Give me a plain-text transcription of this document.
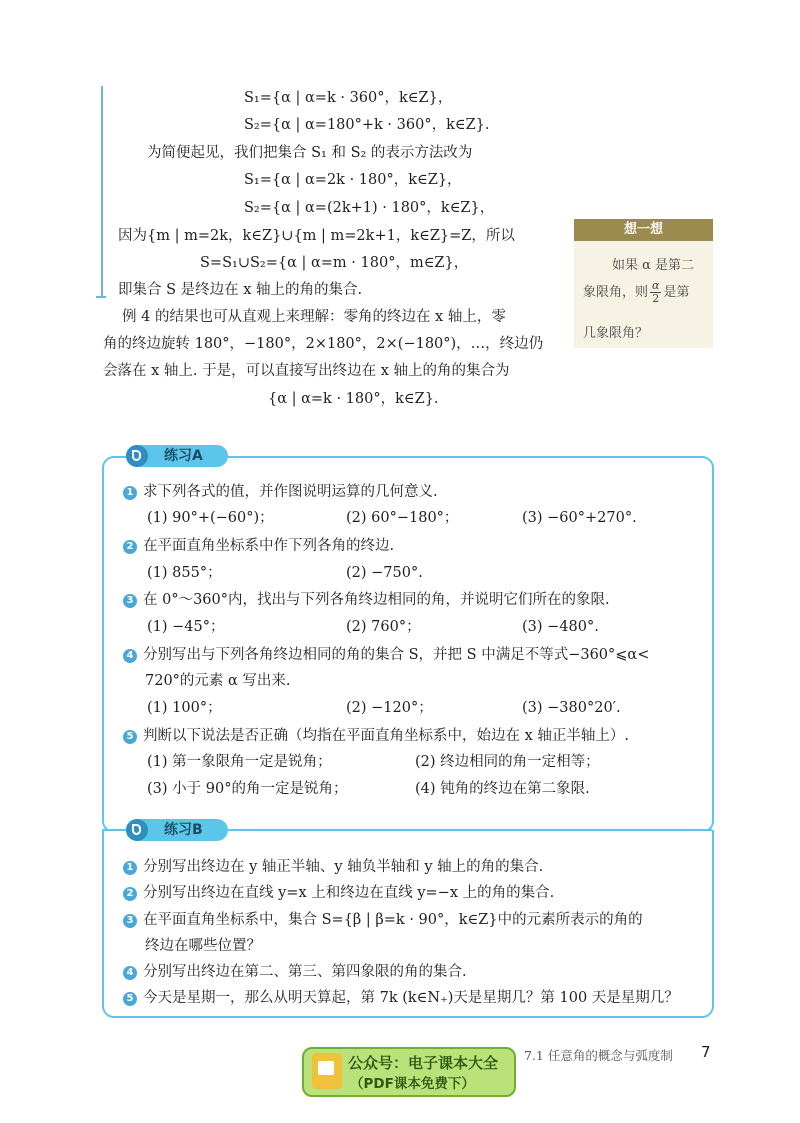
S₁={α | α=k · 360°，k∈Z}，
S₂={α | α=180°+k · 360°，k∈Z}.
为简便起见，我们把集合 S₁ 和 S₂ 的表示方法改为
S₁={α | α=2k · 180°，k∈Z}，
S₂={α | α=(2k+1) · 180°，k∈Z}，
因为{m | m=2k，k∈Z}∪{m | m=2k+1，k∈Z}=Z，所以
S=S₁∪S₂={α | α=m · 180°，m∈Z}，
即集合 S 是终边在 x 轴上的角的集合.
例 4 的结果也可从直观上来理解：零角的终边在 x 轴上，零
角的终边旋转 180°，−180°，2×180°，2×(−180°)，…，终边仍
会落在 x 轴上. 于是，可以直接写出终边在 x 轴上的角的集合为
{α | α=k · 180°，k∈Z}.
想一想
如果 α 是第二
象限角，则 $\frac{\alpha}{2}$ 是第
几象限角？
练习A
1 求下列各式的值，并作图说明运算的几何意义.
(1) 90°+(−60°)；	(2) 60°−180°；	(3) −60°+270°.
2 在平面直角坐标系中作下列各角的终边.
(1) 855°；	(2) −750°.
3 在 0°～360°内，找出与下列各角终边相同的角，并说明它们所在的象限.
(1) −45°；	(2) 760°；	(3) −480°.
4 分别写出与下列各角终边相同的角的集合 S，并把 S 中满足不等式−360°⩽α<
720°的元素 α 写出来.
(1) 100°；	(2) −120°；	(3) −380°20′.
5 判断以下说法是否正确（均指在平面直角坐标系中，始边在 x 轴正半轴上）.
(1) 第一象限角一定是锐角；	(2) 终边相同的角一定相等；
(3) 小于 90°的角一定是锐角；	(4) 钝角的终边在第二象限.
练习B
1 分别写出终边在 y 轴正半轴、y 轴负半轴和 y 轴上的角的集合.
2 分别写出终边在直线 y=x 上和终边在直线 y=−x 上的角的集合.
3 在平面直角坐标系中，集合 S={β | β=k · 90°，k∈Z}中的元素所表示的角的
终边在哪些位置？
4 分别写出终边在第二、第三、第四象限的角的集合.
5 今天是星期一，那么从明天算起，第 7k (k∈N₊)天是星期几？第 100 天是星期几？
公众号：电子课本大全
（PDF课本免费下）
7.1 任意角的概念与弧度制 7
